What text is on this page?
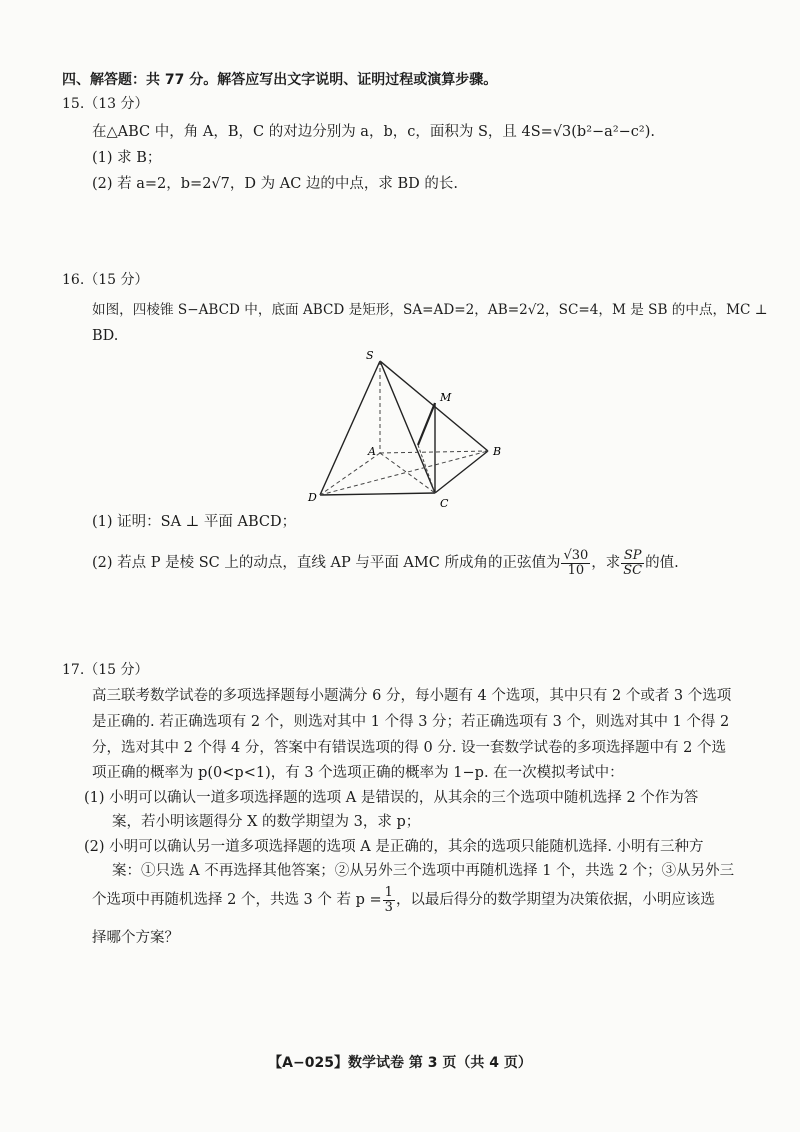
四、解答题：共 77 分。解答应写出文字说明、证明过程或演算步骤。
15.（13 分）
在△ABC 中，角 A，B，C 的对边分别为 a，b，c，面积为 S，且 4S=√3(b²−a²−c²).
(1) 求 B；
(2) 若 a=2，b=2√7，D 为 AC 边的中点，求 BD 的长.
16.（15 分）
如图，四棱锥 S−ABCD 中，底面 ABCD 是矩形，SA=AD=2，AB=2√2，SC=4，M 是 SB 的中点，MC ⊥
BD.
S
M
A	B
C
D
(1) 证明：SA ⊥ 平面 ABCD；
(2) 若点 P 是棱 SC 上的动点，直线 AP 与平面 AMC 所成角的正弦值为 $\frac{√30}{10}$ ，求 $\frac{SP}{SC}$ 的值.
17.（15 分）
高三联考数学试卷的多项选择题每小题满分 6 分，每小题有 4 个选项，其中只有 2 个或者 3 个选项
是正确的. 若正确选项有 2 个，则选对其中 1 个得 3 分；若正确选项有 3 个，则选对其中 1 个得 2
分，选对其中 2 个得 4 分，答案中有错误选项的得 0 分. 设一套数学试卷的多项选择题中有 2 个选
项正确的概率为 p(0<p<1)，有 3 个选项正确的概率为 1−p. 在一次模拟考试中：
(1) 小明可以确认一道多项选择题的选项 A 是错误的，从其余的三个选项中随机选择 2 个作为答
案，若小明该题得分 X 的数学期望为 3，求 p；
(2) 小明可以确认另一道多项选择题的选项 A 是正确的，其余的选项只能随机选择. 小明有三种方
案：①只选 A 不再选择其他答案；②从另外三个选项中再随机选择 1 个，共选 2 个；③从另外三
个选项中再随机选择 2 个，共选 3 个 若 $p = \frac{1}{3}$ ，以最后得分的数学期望为决策依据，小明应该选
择哪个方案？
【A−025】数学试卷 第 3 页（共 4 页）
